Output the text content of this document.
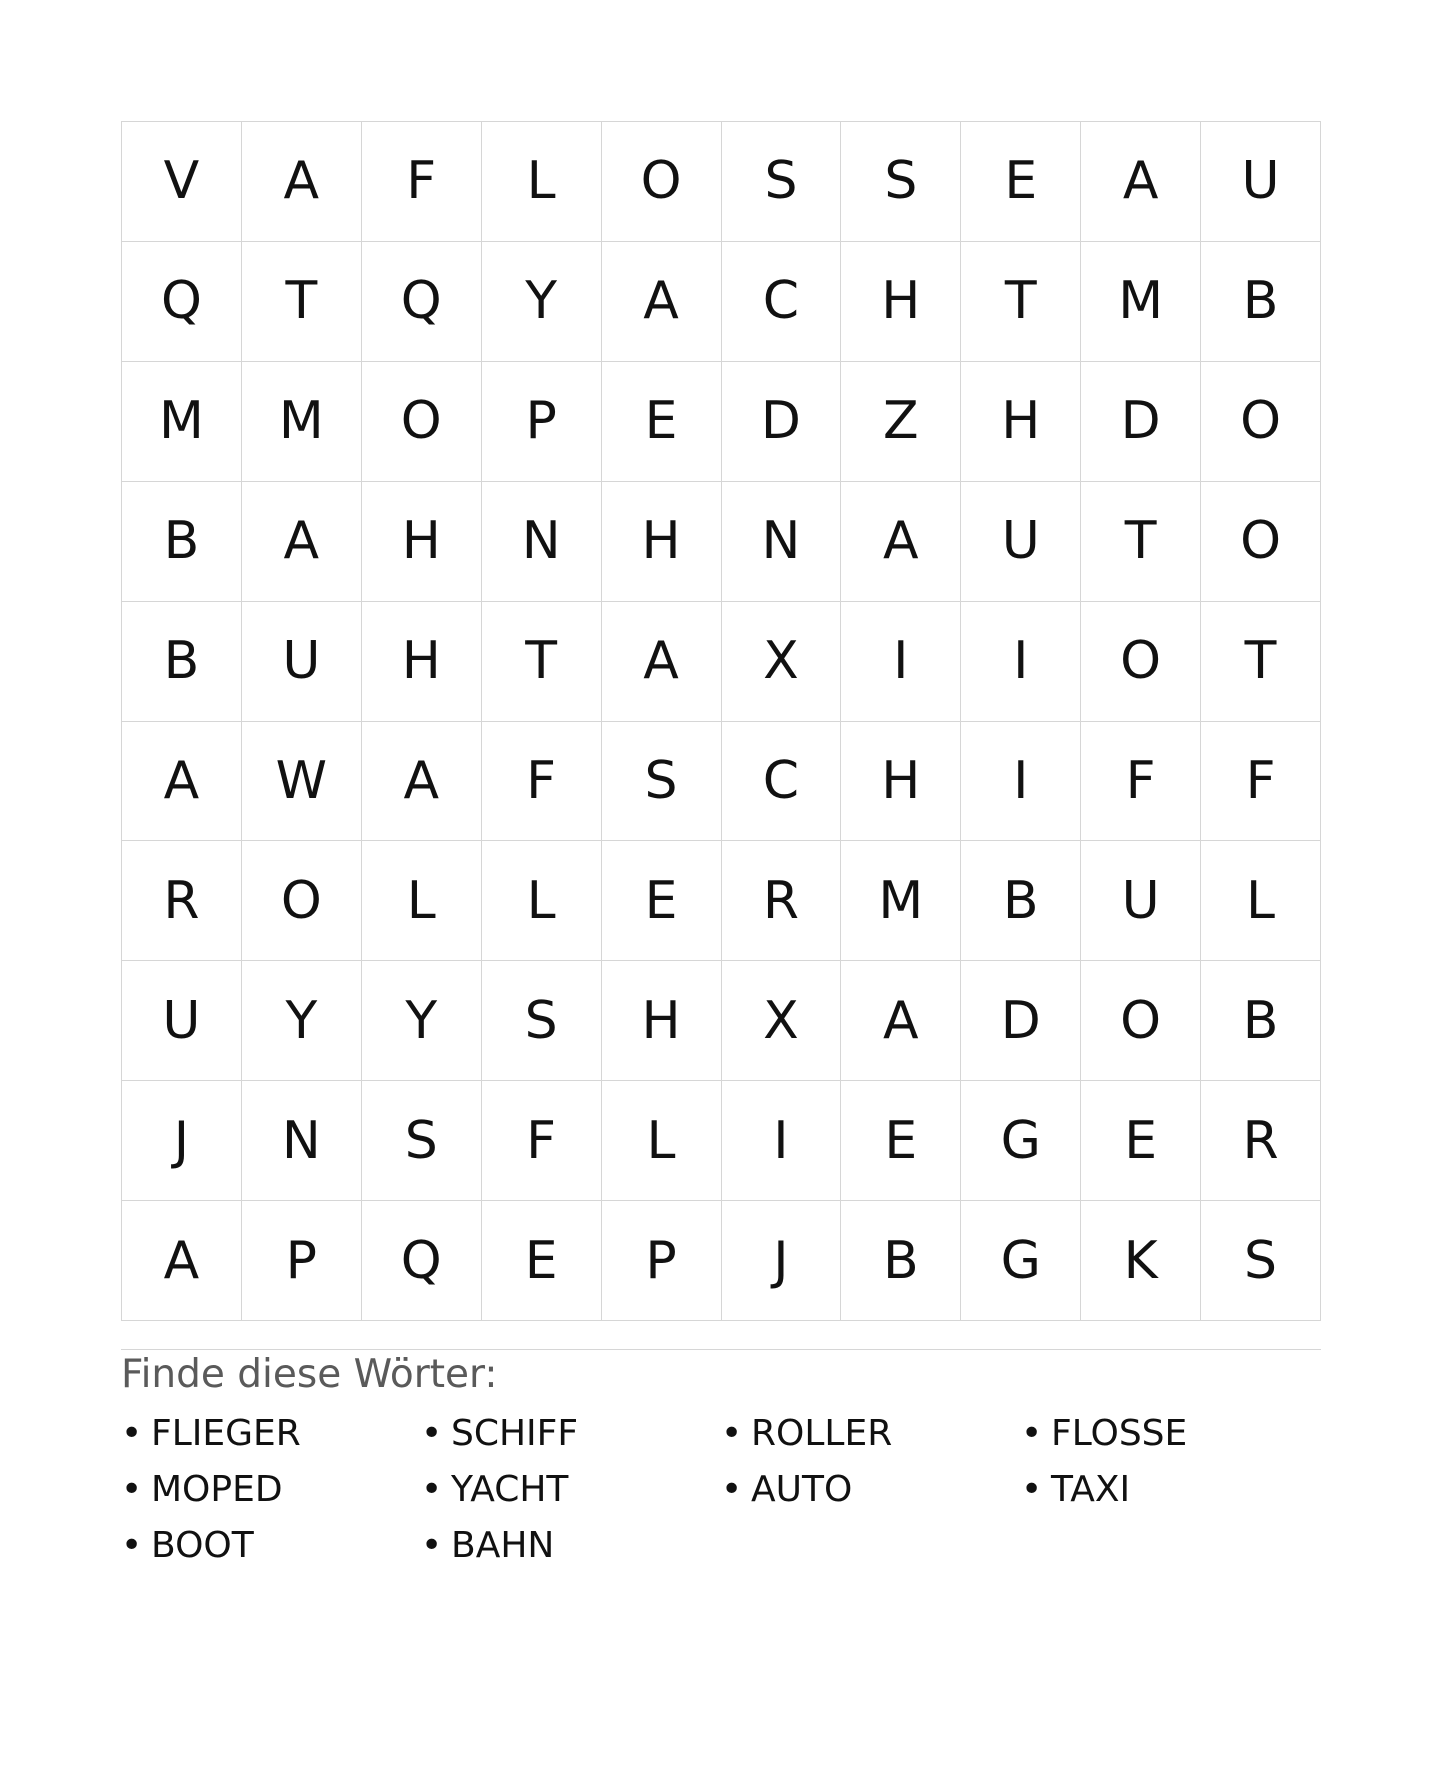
V	A	F	L	O	S	S	E	A	U
Q	T	Q	Y	A	C	H	T	M	B
M	M	O	P	E	D	Z	H	D	O
B	A	H	N	H	N	A	U	T	O
B	U	H	T	A	X	I	I	O	T
A	W	A	F	S	C	H	I	F	F
R	O	L	L	E	R	M	B	U	L
U	Y	Y	S	H	X	A	D	O	B
J	N	S	F	L	I	E	G	E	R
A	P	Q	E	P	J	B	G	K	S
Finde diese Wörter:
• FLIEGER	• SCHIFF	• ROLLER	• FLOSSE
• MOPED	• YACHT	• AUTO	• TAXI
• BOOT	• BAHN
